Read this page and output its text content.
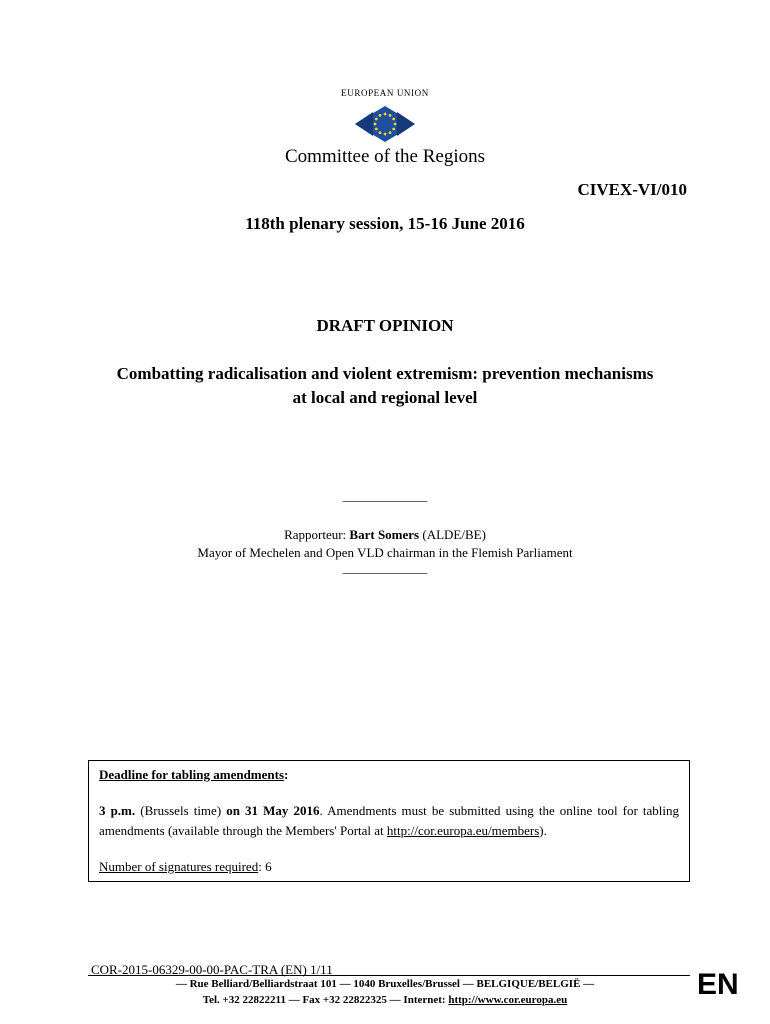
EUROPEAN UNION
Committee of the Regions
CIVEX-VI/010
118th plenary session, 15-16 June 2016
DRAFT OPINION
Combatting radicalisation and violent extremism: prevention mechanisms
at local and regional level
_____________
Rapporteur: Bart Somers (ALDE/BE)
Mayor of Mechelen and Open VLD chairman in the Flemish Parliament
_____________
Deadline for tabling amendments:
3 p.m. (Brussels time) on 31 May 2016. Amendments must be submitted using the online tool for tabling amendments (available through the Members' Portal at http://cor.europa.eu/members).
Number of signatures required: 6
COR-2015-06329-00-00-PAC-TRA (EN) 1/11
— Rue Belliard/Belliardstraat 101 — 1040 Bruxelles/Brussel — BELGIQUE/BELGIË —
Tel. +32 22822211 — Fax +32 22822325 — Internet: http://www.cor.europa.eu	EN
